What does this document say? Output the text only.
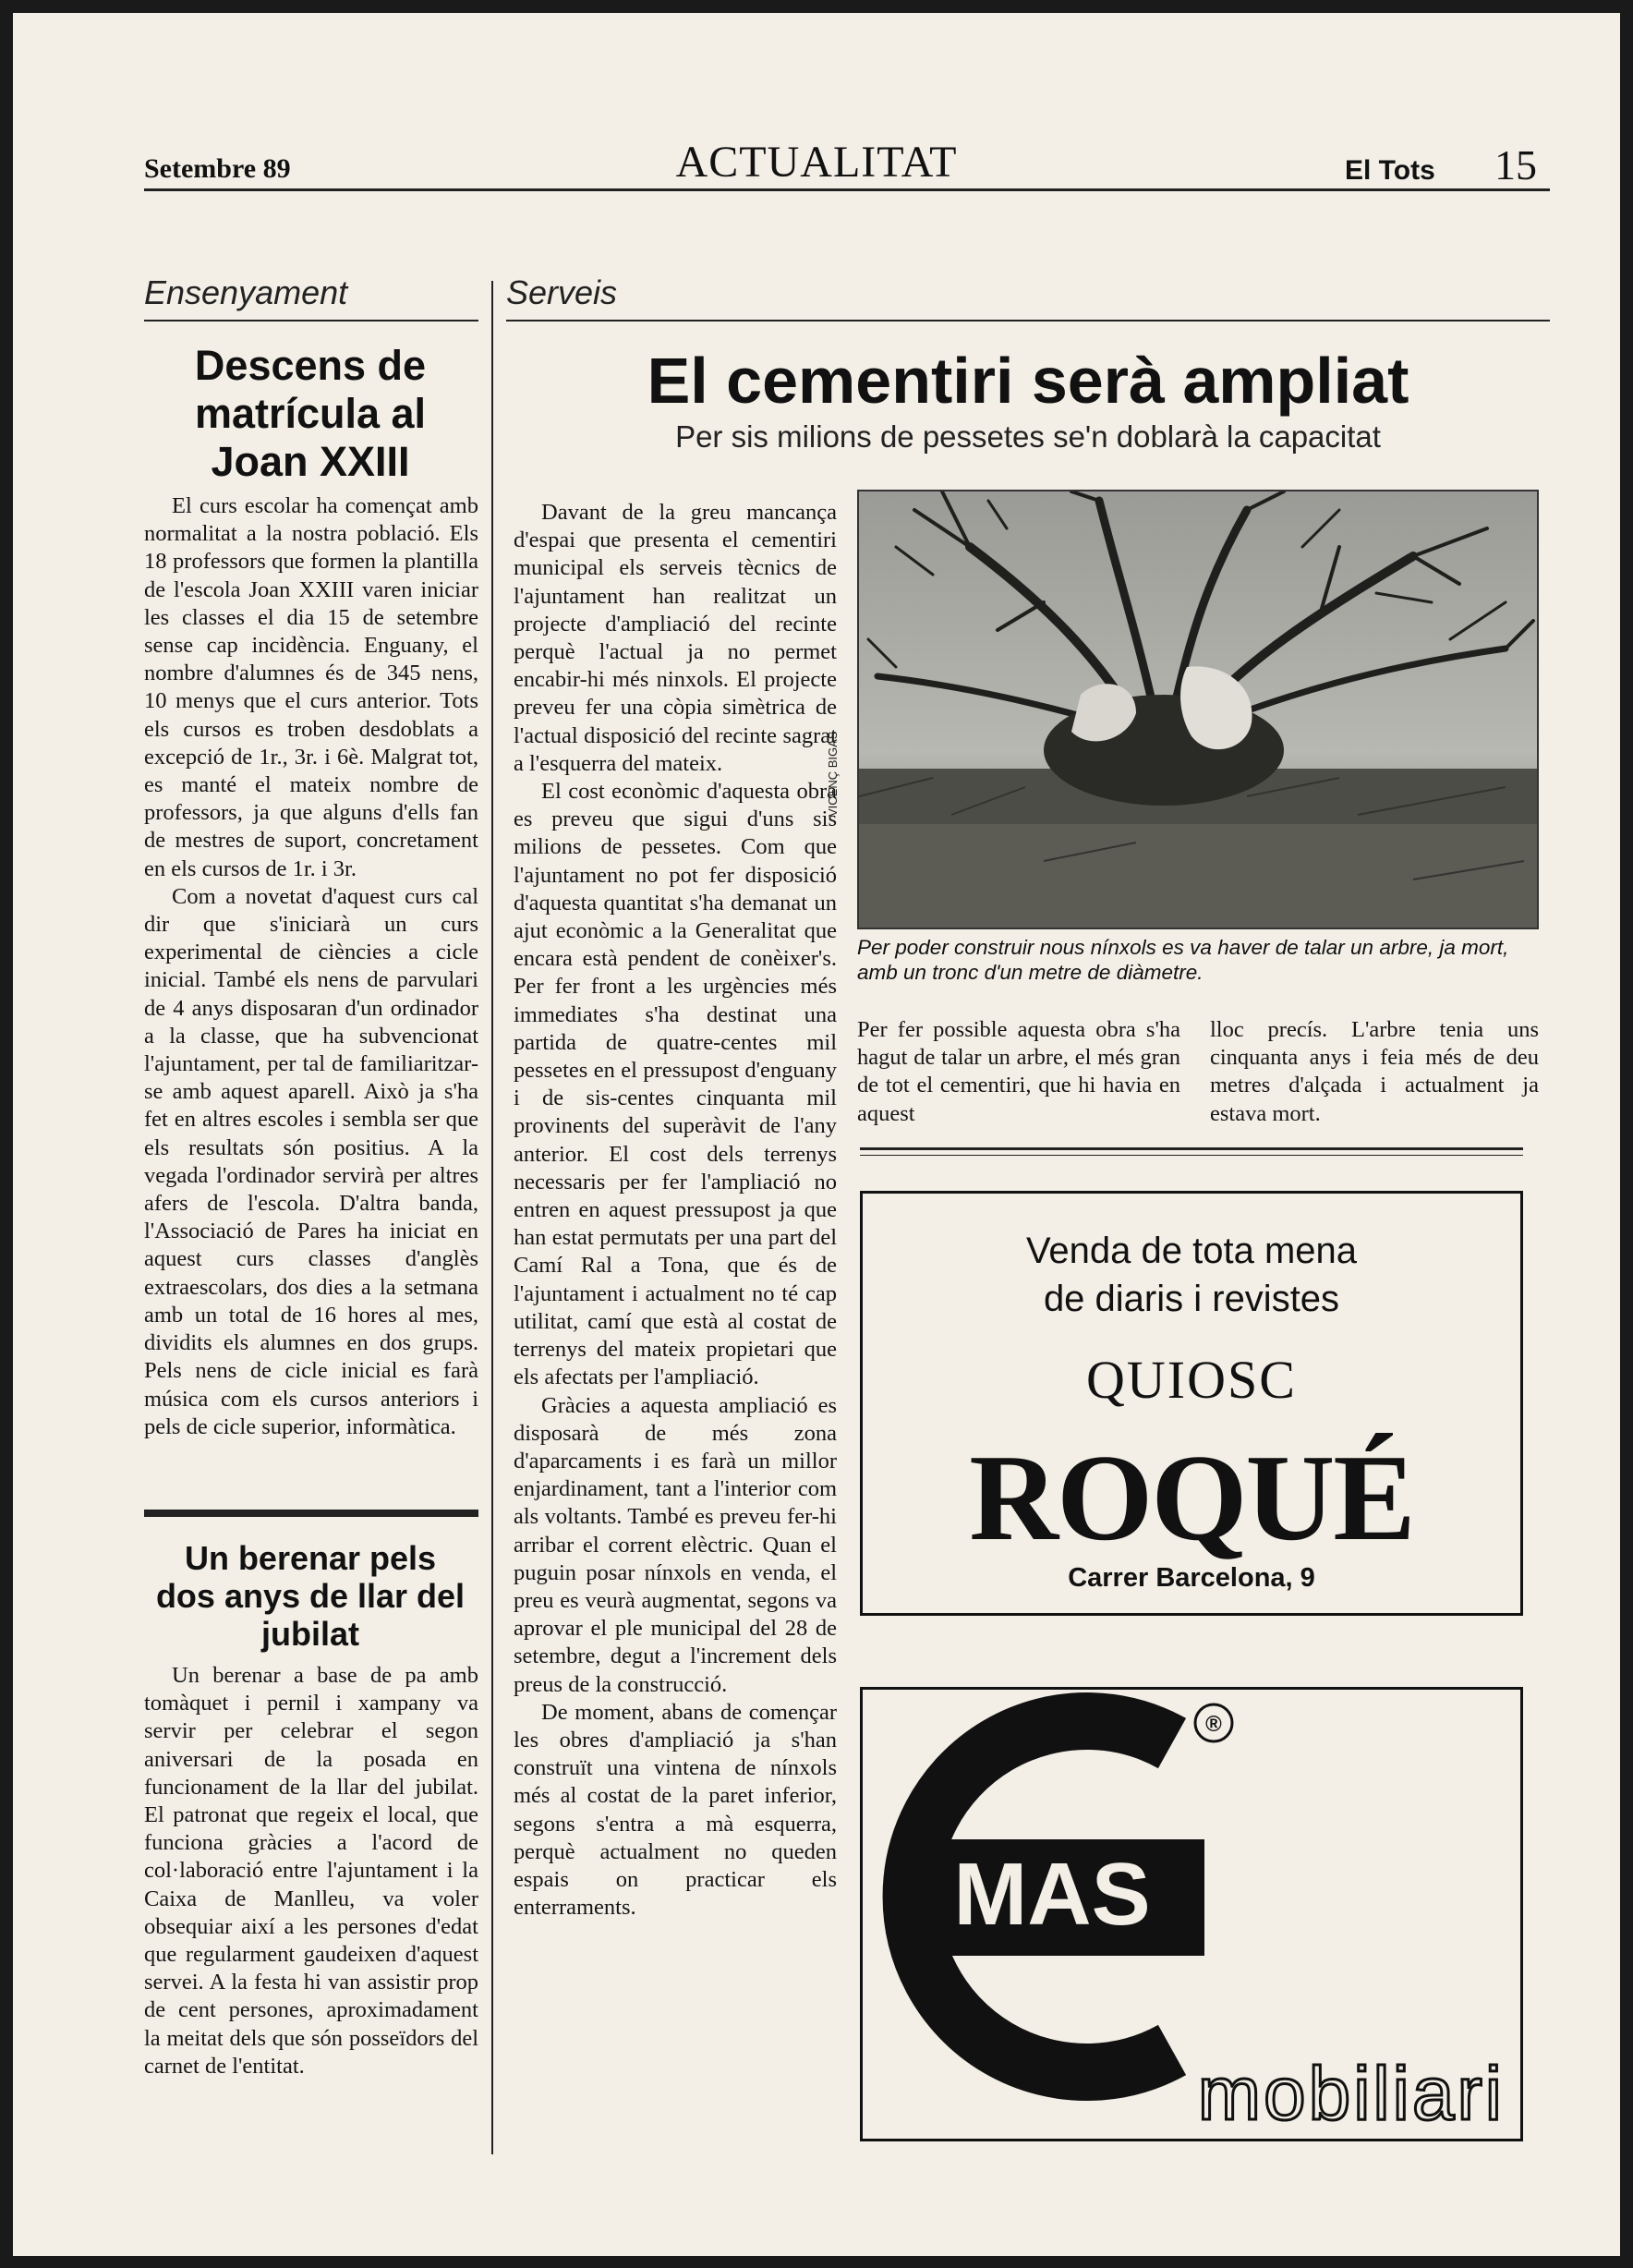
Setembre 89	ACTUALITAT	El Tots 15
Ensenyament
Descens de matrícula al Joan XXIII

El curs escolar ha començat amb normalitat a la nostra població. Els 18 professors que formen la plantilla de l'escola Joan XXIII varen iniciar les classes el dia 15 de setembre sense cap incidència. Enguany, el nombre d'alumnes és de 345 nens, 10 menys que el curs anterior. Tots els cursos es troben desdoblats a excepció de 1r., 3r. i 6è. Malgrat tot, es manté el mateix nombre de professors, ja que alguns d'ells fan de mestres de suport, concretament en els cursos de 1r. i 3r.

Com a novetat d'aquest curs cal dir que s'iniciarà un curs experimental de ciències a cicle inicial. També els nens de parvulari de 4 anys disposaran d'un ordinador a la classe, que ha subvencionat l'ajuntament, per tal de familiaritzar-se amb aquest aparell. Això ja s'ha fet en altres escoles i sembla ser que els resultats són positius. A la vegada l'ordinador servirà per altres afers de l'escola. D'altra banda, l'Associació de Pares ha iniciat en aquest curs classes d'anglès extraescolars, dos dies a la setmana amb un total de 16 hores al mes, dividits els alumnes en dos grups. Pels nens de cicle inicial es farà música com els cursos anteriors i pels de cicle superior, informàtica.

Un berenar pels dos anys de llar del jubilat

Un berenar a base de pa amb tomàquet i pernil i xampany va servir per celebrar el segon aniversari de la posada en funcionament de la llar del jubilat. El patronat que regeix el local, que funciona gràcies a l'acord de col·laboració entre l'ajuntament i la Caixa de Manlleu, va voler obsequiar així a les persones d'edat que regularment gaudeixen d'aquest servei. A la festa hi van assistir prop de cent persones, aproximadament la meitat dels que són posseïdors del carnet de l'entitat.

Serveis
El cementiri serà ampliat
Per sis milions de pessetes se'n doblarà la capacitat

Davant de la greu mancança d'espai que presenta el cementiri municipal els serveis tècnics de l'ajuntament han realitzat un projecte d'ampliació del recinte perquè l'actual ja no permet encabir-hi més ninxols. El projecte preveu fer una còpia simètrica de l'actual disposició del recinte sagrat a l'esquerra del mateix.

El cost econòmic d'aquesta obra es preveu que sigui d'uns sis milions de pessetes. Com que l'ajuntament no pot fer disposició d'aquesta quantitat s'ha demanat un ajut econòmic a la Generalitat que encara està pendent de conèixer's. Per fer front a les urgències més immediates s'ha destinat una partida de quatre-centes mil pessetes en el pressupost d'enguany i de sis-centes cinquanta mil provinents del superàvit de l'any anterior. El cost dels terrenys necessaris per fer l'ampliació no entren en aquest pressupost ja que han estat permutats per una part del Camí Ral a Tona, que és de l'ajuntament i actualment no té cap utilitat, camí que està al costat de terrenys del mateix propietari que els afectats per l'ampliació.

Gràcies a aquesta ampliació es disposarà de més zona d'aparcaments i es farà un millor enjardinament, tant a l'interior com als voltants. També es preveu fer-hi arribar el corrent elèctric. Quan el puguin posar nínxols en venda, el preu es veurà augmentat, segons va aprovar el ple municipal del 28 de setembre, degut a l'increment dels preus de la construcció.

De moment, abans de començar les obres d'ampliació ja s'han construït una vintena de nínxols més al costat de la paret inferior, segons s'entra a mà esquerra, perquè actualment no queden espais on practicar els enterraments.

VICENÇ BIGAS
Per poder construir nous nínxols es va haver de talar un arbre, ja mort, amb un tronc d'un metre de diàmetre.

Per fer possible aquesta obra s'ha hagut de talar un arbre, el més gran de tot el cementiri, que hi havia en aquest

lloc precís. L'arbre tenia uns cinquanta anys i feia més de deu metres d'alçada i actualment ja estava mort.

Venda de tota mena
de diaris i revistes
QUIOSC
ROQUÉ
Carrer Barcelona, 9
MAS
®
mobiliari
